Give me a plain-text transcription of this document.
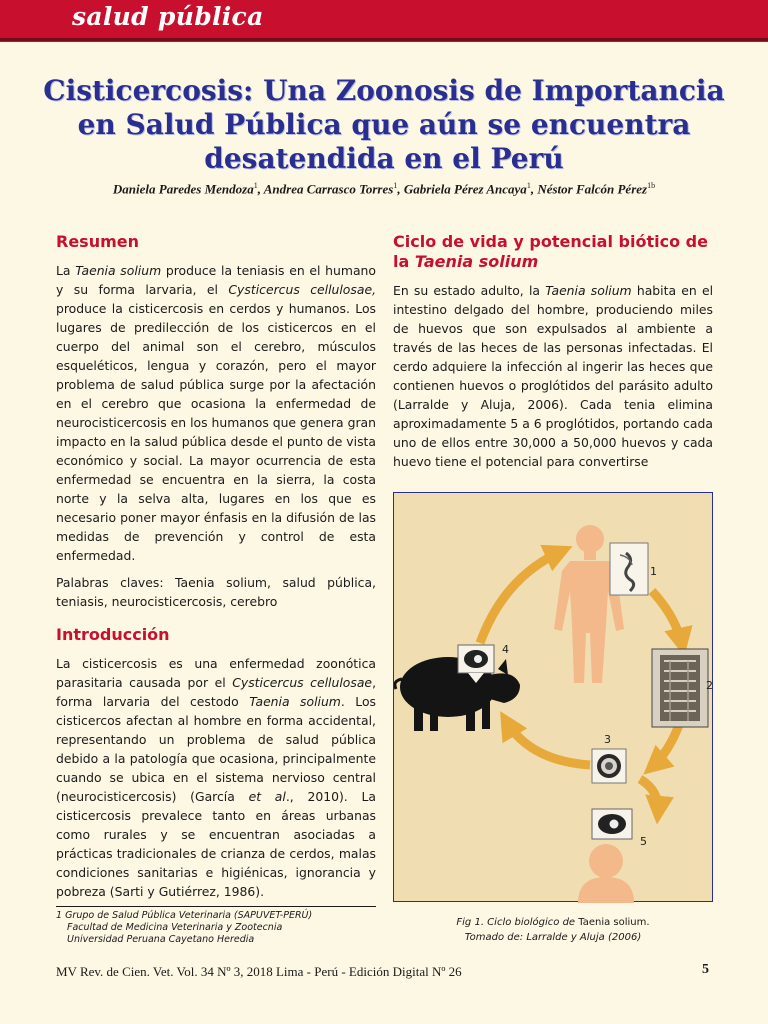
salud pública
Cisticercosis: Una Zoonosis de Importancia en Salud Pública que aún se encuentra desatendida en el Perú
Daniela Paredes Mendoza$^1$, Andrea Carrasco Torres$^1$, Gabriela Pérez Ancaya$^1$, Néstor Falcón Pérez$^{1b}$
Resumen

La Taenia solium produce la teniasis en el humano y su forma larvaria, el Cysticercus cellulosae, produce la cisticercosis en cerdos y humanos. Los lugares de predilección de los cisticercos en el cuerpo del animal son el cerebro, músculos esqueléticos, lengua y corazón, pero el mayor problema de salud pública surge por la afectación en el cerebro que ocasiona la enfermedad de neurocisticercosis en los humanos que genera gran impacto en la salud pública desde el punto de vista económico y social. La mayor ocurrencia de esta enfermedad se encuentra en la sierra, la costa norte y la selva alta, lugares en los que es necesario poner mayor énfasis en la difusión de las medidas de prevención y control de esta enfermedad.

Palabras claves: Taenia solium, salud pública, teniasis, neurocisticercosis, cerebro

Introducción

La cisticercosis es una enfermedad zoonótica parasitaria causada por el Cysticercus cellulosae, forma larvaria del cestodo Taenia solium. Los cisticercos afectan al hombre en forma accidental, representando un problema de salud pública debido a la patología que ocasiona, principalmente cuando se ubica en el sistema nervioso central (neurocisticercosis) (García et al., 2010). La cisticercosis prevalece tanto en áreas urbanas como rurales y se encuentran asociadas a prácticas tradicionales de crianza de cerdos, malas condiciones sanitarias e higiénicas, ignorancia y pobreza (Sarti y Gutiérrez, 1986).

Ciclo de vida y potencial biótico de la Taenia solium

En su estado adulto, la Taenia solium habita en el intestino delgado del hombre, produciendo miles de huevos que son expulsados al ambiente a través de las heces de las personas infectadas. El cerdo adquiere la infección al ingerir las heces que contienen huevos o proglótidos del parásito adulto (Larralde y Aluja, 2006). Cada tenia elimina aproximadamente 5 a 6 proglótidos, portando cada uno de ellos entre 30,000 a 50,000 huevos y cada huevo tiene el potencial para convertirse

1
2
3
4
5
1 Grupo de Salud Pública Veterinaria (SAPUVET-PERÚ)
Facultad de Medicina Veterinaria y Zootecnia
Universidad Peruana Cayetano Heredia
Fig 1. Ciclo biológico de Taenia solium.
Tomado de: Larralde y Aluja (2006)
MV Rev. de Cien. Vet. Vol. 34 Nº 3, 2018 Lima - Perú - Edición Digital Nº 26	5
